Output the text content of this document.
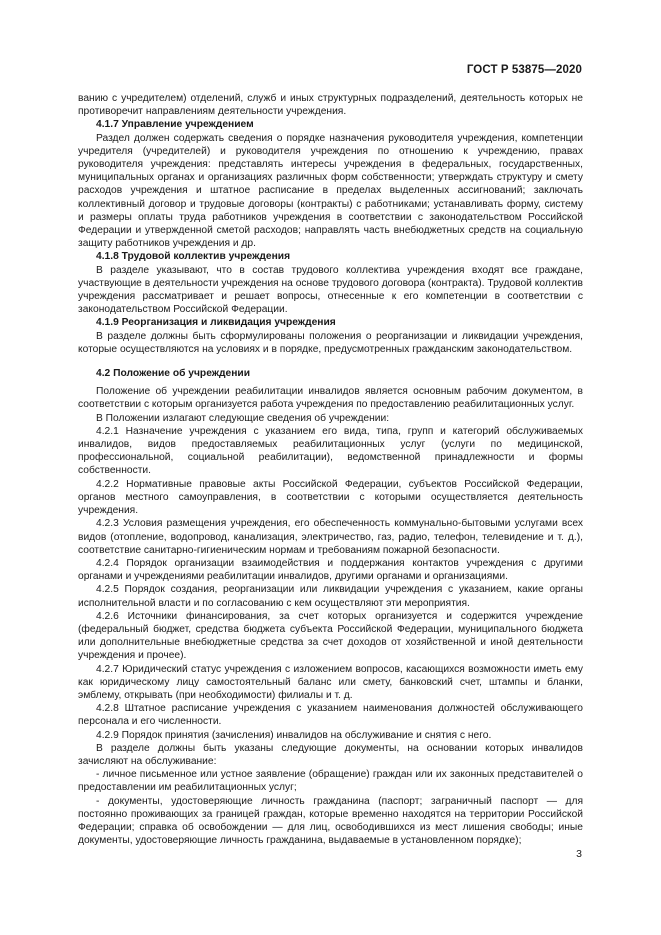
ГОСТ Р 53875—2020

ванию с учредителем) отделений, служб и иных структурных подразделений, деятельность которых не противоречит направлениям деятельности учреждения.

4.1.7 Управление учреждением

Раздел должен содержать сведения о порядке назначения руководителя учреждения, компетенции учредителя (учредителей) и руководителя учреждения по отношению к учреждению, правах руководителя учреждения: представлять интересы учреждения в федеральных, государственных, муниципальных органах и организациях различных форм собственности; утверждать структуру и смету расходов учреждения и штатное расписание в пределах выделенных ассигнований; заключать коллективный договор и трудовые договоры (контракты) с работниками; устанавливать форму, систему и размеры оплаты труда работников учреждения в соответствии с законодательством Российской Федерации и утвержденной сметой расходов; направлять часть внебюджетных средств на социальную защиту работников учреждения и др.

4.1.8 Трудовой коллектив учреждения

В разделе указывают, что в состав трудового коллектива учреждения входят все граждане, участвующие в деятельности учреждения на основе трудового договора (контракта). Трудовой коллектив учреждения рассматривает и решает вопросы, отнесенные к его компетенции в соответствии с законодательством Российской Федерации.

4.1.9 Реорганизация и ликвидация учреждения

В разделе должны быть сформулированы положения о реорганизации и ликвидации учреждения, которые осуществляются на условиях и в порядке, предусмотренных гражданским законодательством.

4.2 Положение об учреждении

Положение об учреждении реабилитации инвалидов является основным рабочим документом, в соответствии с которым организуется работа учреждения по предоставлению реабилитационных услуг.

В Положении излагают следующие сведения об учреждении:

4.2.1 Назначение учреждения с указанием его вида, типа, групп и категорий обслуживаемых инвалидов, видов предоставляемых реабилитационных услуг (услуги по медицинской, профессиональной, социальной реабилитации), ведомственной принадлежности и формы собственности.

4.2.2 Нормативные правовые акты Российской Федерации, субъектов Российской Федерации, органов местного самоуправления, в соответствии с которыми осуществляется деятельность учреждения.

4.2.3 Условия размещения учреждения, его обеспеченность коммунально-бытовыми услугами всех видов (отопление, водопровод, канализация, электричество, газ, радио, телефон, телевидение и т. д.), соответствие санитарно-гигиеническим нормам и требованиям пожарной безопасности.

4.2.4 Порядок организации взаимодействия и поддержания контактов учреждения с другими органами и учреждениями реабилитации инвалидов, другими органами и организациями.

4.2.5 Порядок создания, реорганизации или ликвидации учреждения с указанием, какие органы исполнительной власти и по согласованию с кем осуществляют эти мероприятия.

4.2.6 Источники финансирования, за счет которых организуется и содержится учреждение (федеральный бюджет, средства бюджета субъекта Российской Федерации, муниципального бюджета или дополнительные внебюджетные средства за счет доходов от хозяйственной и иной деятельности учреждения и прочее).

4.2.7 Юридический статус учреждения с изложением вопросов, касающихся возможности иметь ему как юридическому лицу самостоятельный баланс или смету, банковский счет, штампы и бланки, эмблему, открывать (при необходимости) филиалы и т. д.

4.2.8 Штатное расписание учреждения с указанием наименования должностей обслуживающего персонала и его численности.

4.2.9 Порядок принятия (зачисления) инвалидов на обслуживание и снятия с него.

В разделе должны быть указаны следующие документы, на основании которых инвалидов зачисляют на обслуживание:

- личное письменное или устное заявление (обращение) граждан или их законных представителей о предоставлении им реабилитационных услуг;

- документы, удостоверяющие личность гражданина (паспорт; заграничный паспорт — для постоянно проживающих за границей граждан, которые временно находятся на территории Российской Федерации; справка об освобождении — для лиц, освободившихся из мест лишения свободы; иные документы, удостоверяющие личность гражданина, выдаваемые в установленном порядке);

3
